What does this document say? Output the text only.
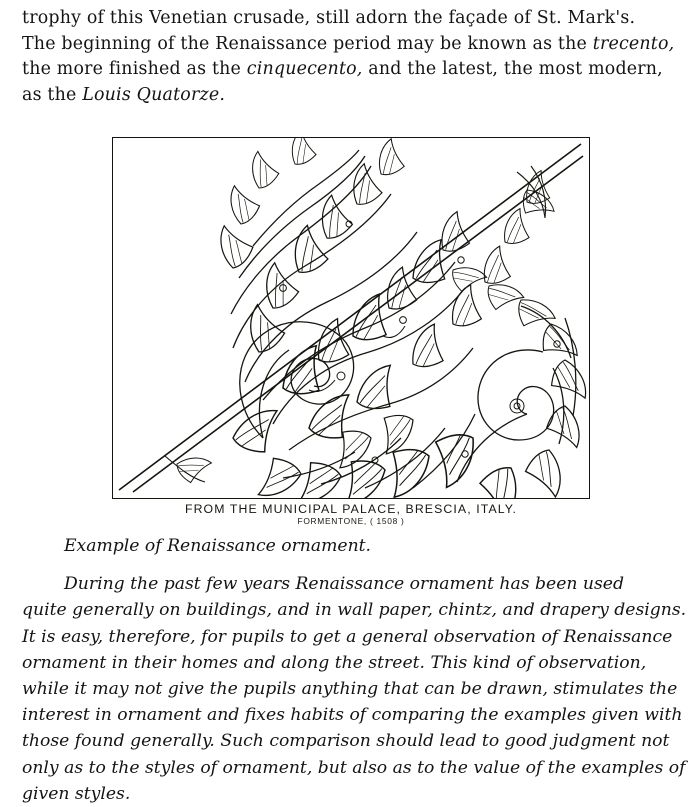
trophy of this Venetian crusade, still adorn the façade of St. Mark's.
The beginning of the Renaissance period may be known as the trecento,
the more finished as the cinquecento, and the latest, the most modern,
as the Louis Quatorze.
FROM THE MUNICIPAL PALACE, BRESCIA, ITALY.
FORMENTONE, ( 1508 )
Example of Renaissance ornament.
During the past few years Renaissance ornament has been used
quite generally on buildings, and in wall paper, chintz, and drapery designs.
It is easy, therefore, for pupils to get a general observation of Renaissance
ornament in their homes and along the street. This kind of observation,
while it may not give the pupils anything that can be drawn, stimulates the
interest in ornament and fixes habits of comparing the examples given with
those found generally. Such comparison should lead to good judgment not
only as to the styles of ornament, but also as to the value of the examples of
given styles.
